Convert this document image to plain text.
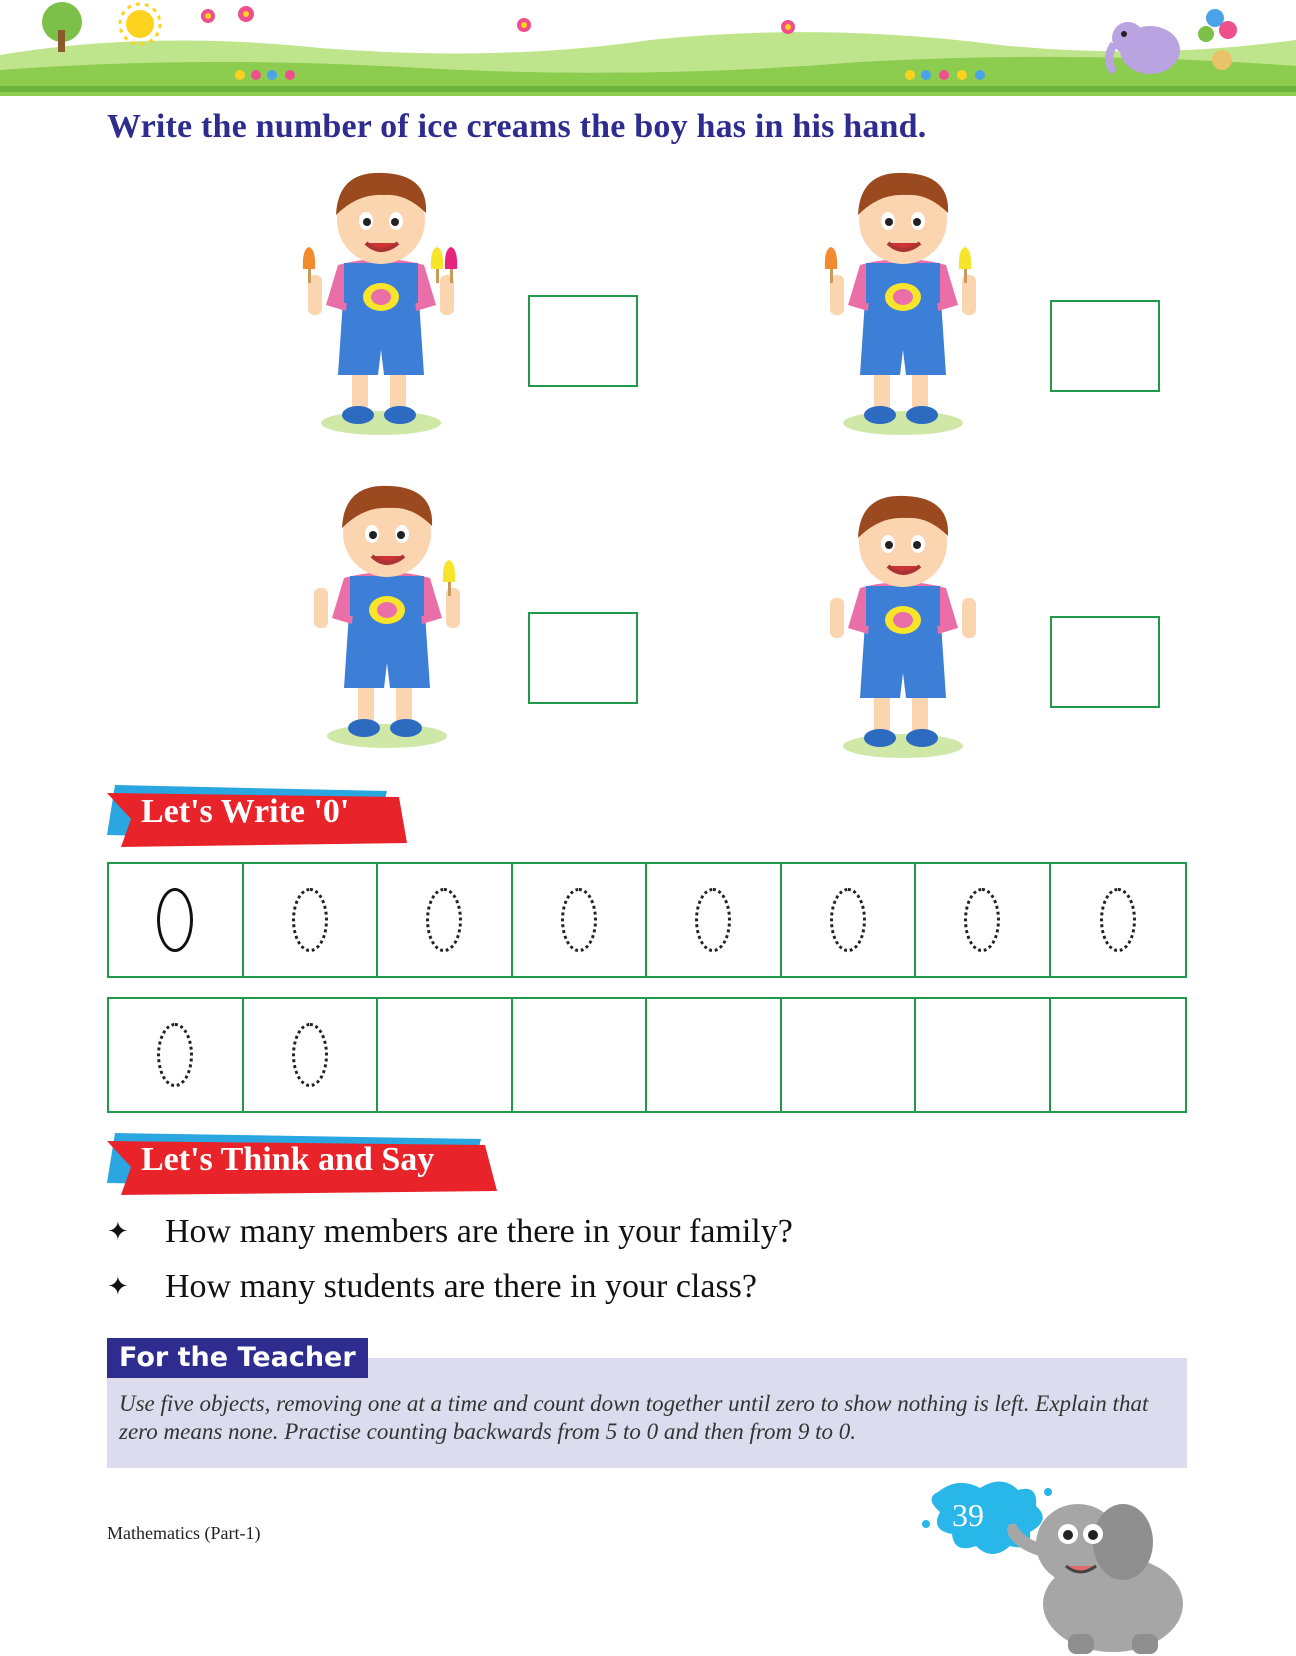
Write the number of ice creams the boy has in his hand.
Let's Write '0'
Let's Think and Say
✦	How many members are there in your family?
✦	How many students are there in your class?
Use five objects, removing one at a time and count down together until zero to show nothing is left. Explain that zero means none. Practise counting backwards from 5 to 0 and then from 9 to 0.
For the Teacher
Mathematics (Part-1)	39
